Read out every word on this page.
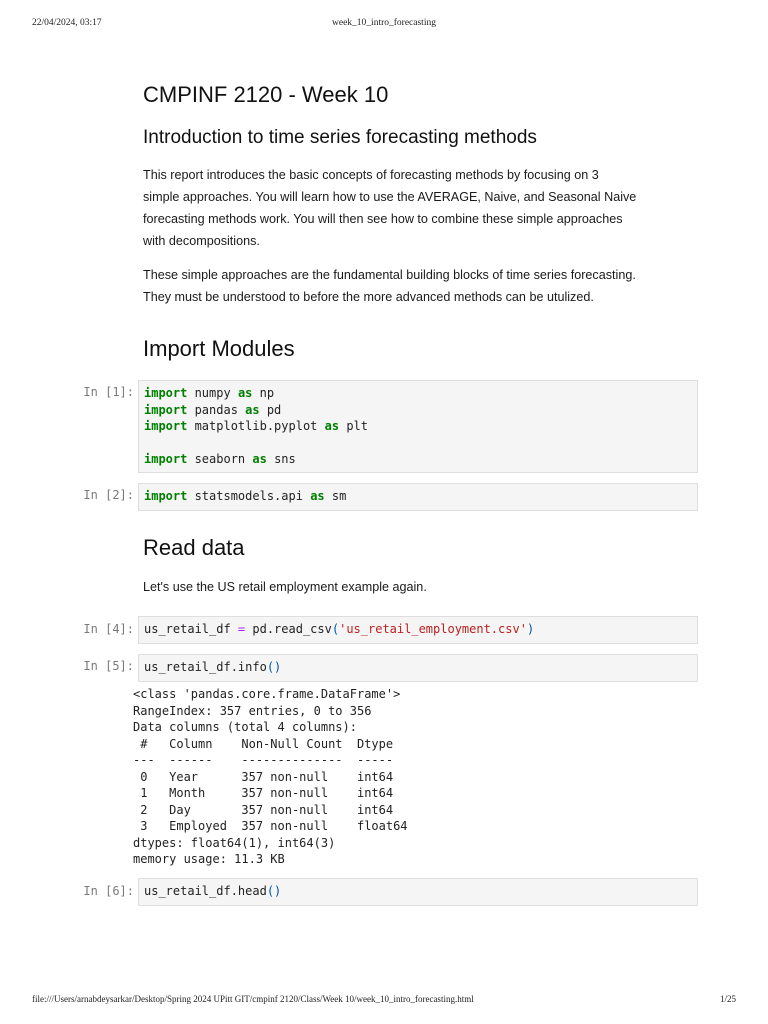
22/04/2024, 03:17	week_10_intro_forecasting
CMPINF 2120 - Week 10
Introduction to time series forecasting methods
This report introduces the basic concepts of forecasting methods by focusing on 3
simple approaches. You will learn how to use the AVERAGE, Naive, and Seasonal Naive
forecasting methods work. You will then see how to combine these simple approaches
with decompositions.
These simple approaches are the fundamental building blocks of time series forecasting.
They must be understood to before the more advanced methods can be utulized.
Import Modules
In [1]: import numpy as np
import pandas as pd
import matplotlib.pyplot as plt
import seaborn as sns
In [2]: import statsmodels.api as sm
Read data
Let's use the US retail employment example again.
In [4]: us_retail_df = pd.read_csv('us_retail_employment.csv')
In [5]: us_retail_df.info()
<class 'pandas.core.frame.DataFrame'>
RangeIndex: 357 entries, 0 to 356
Data columns (total 4 columns):
#   Column    Non-Null Count  Dtype
---  ------    --------------  -----
0   Year      357 non-null    int64
1   Month     357 non-null    int64
2   Day       357 non-null    int64
3   Employed  357 non-null    float64
dtypes: float64(1), int64(3)
memory usage: 11.3 KB
In [6]: us_retail_df.head()
file:///Users/arnabdeysarkar/Desktop/Spring 2024 UPitt GIT/cmpinf 2120/Class/Week 10/week_10_intro_forecasting.html	1/25
